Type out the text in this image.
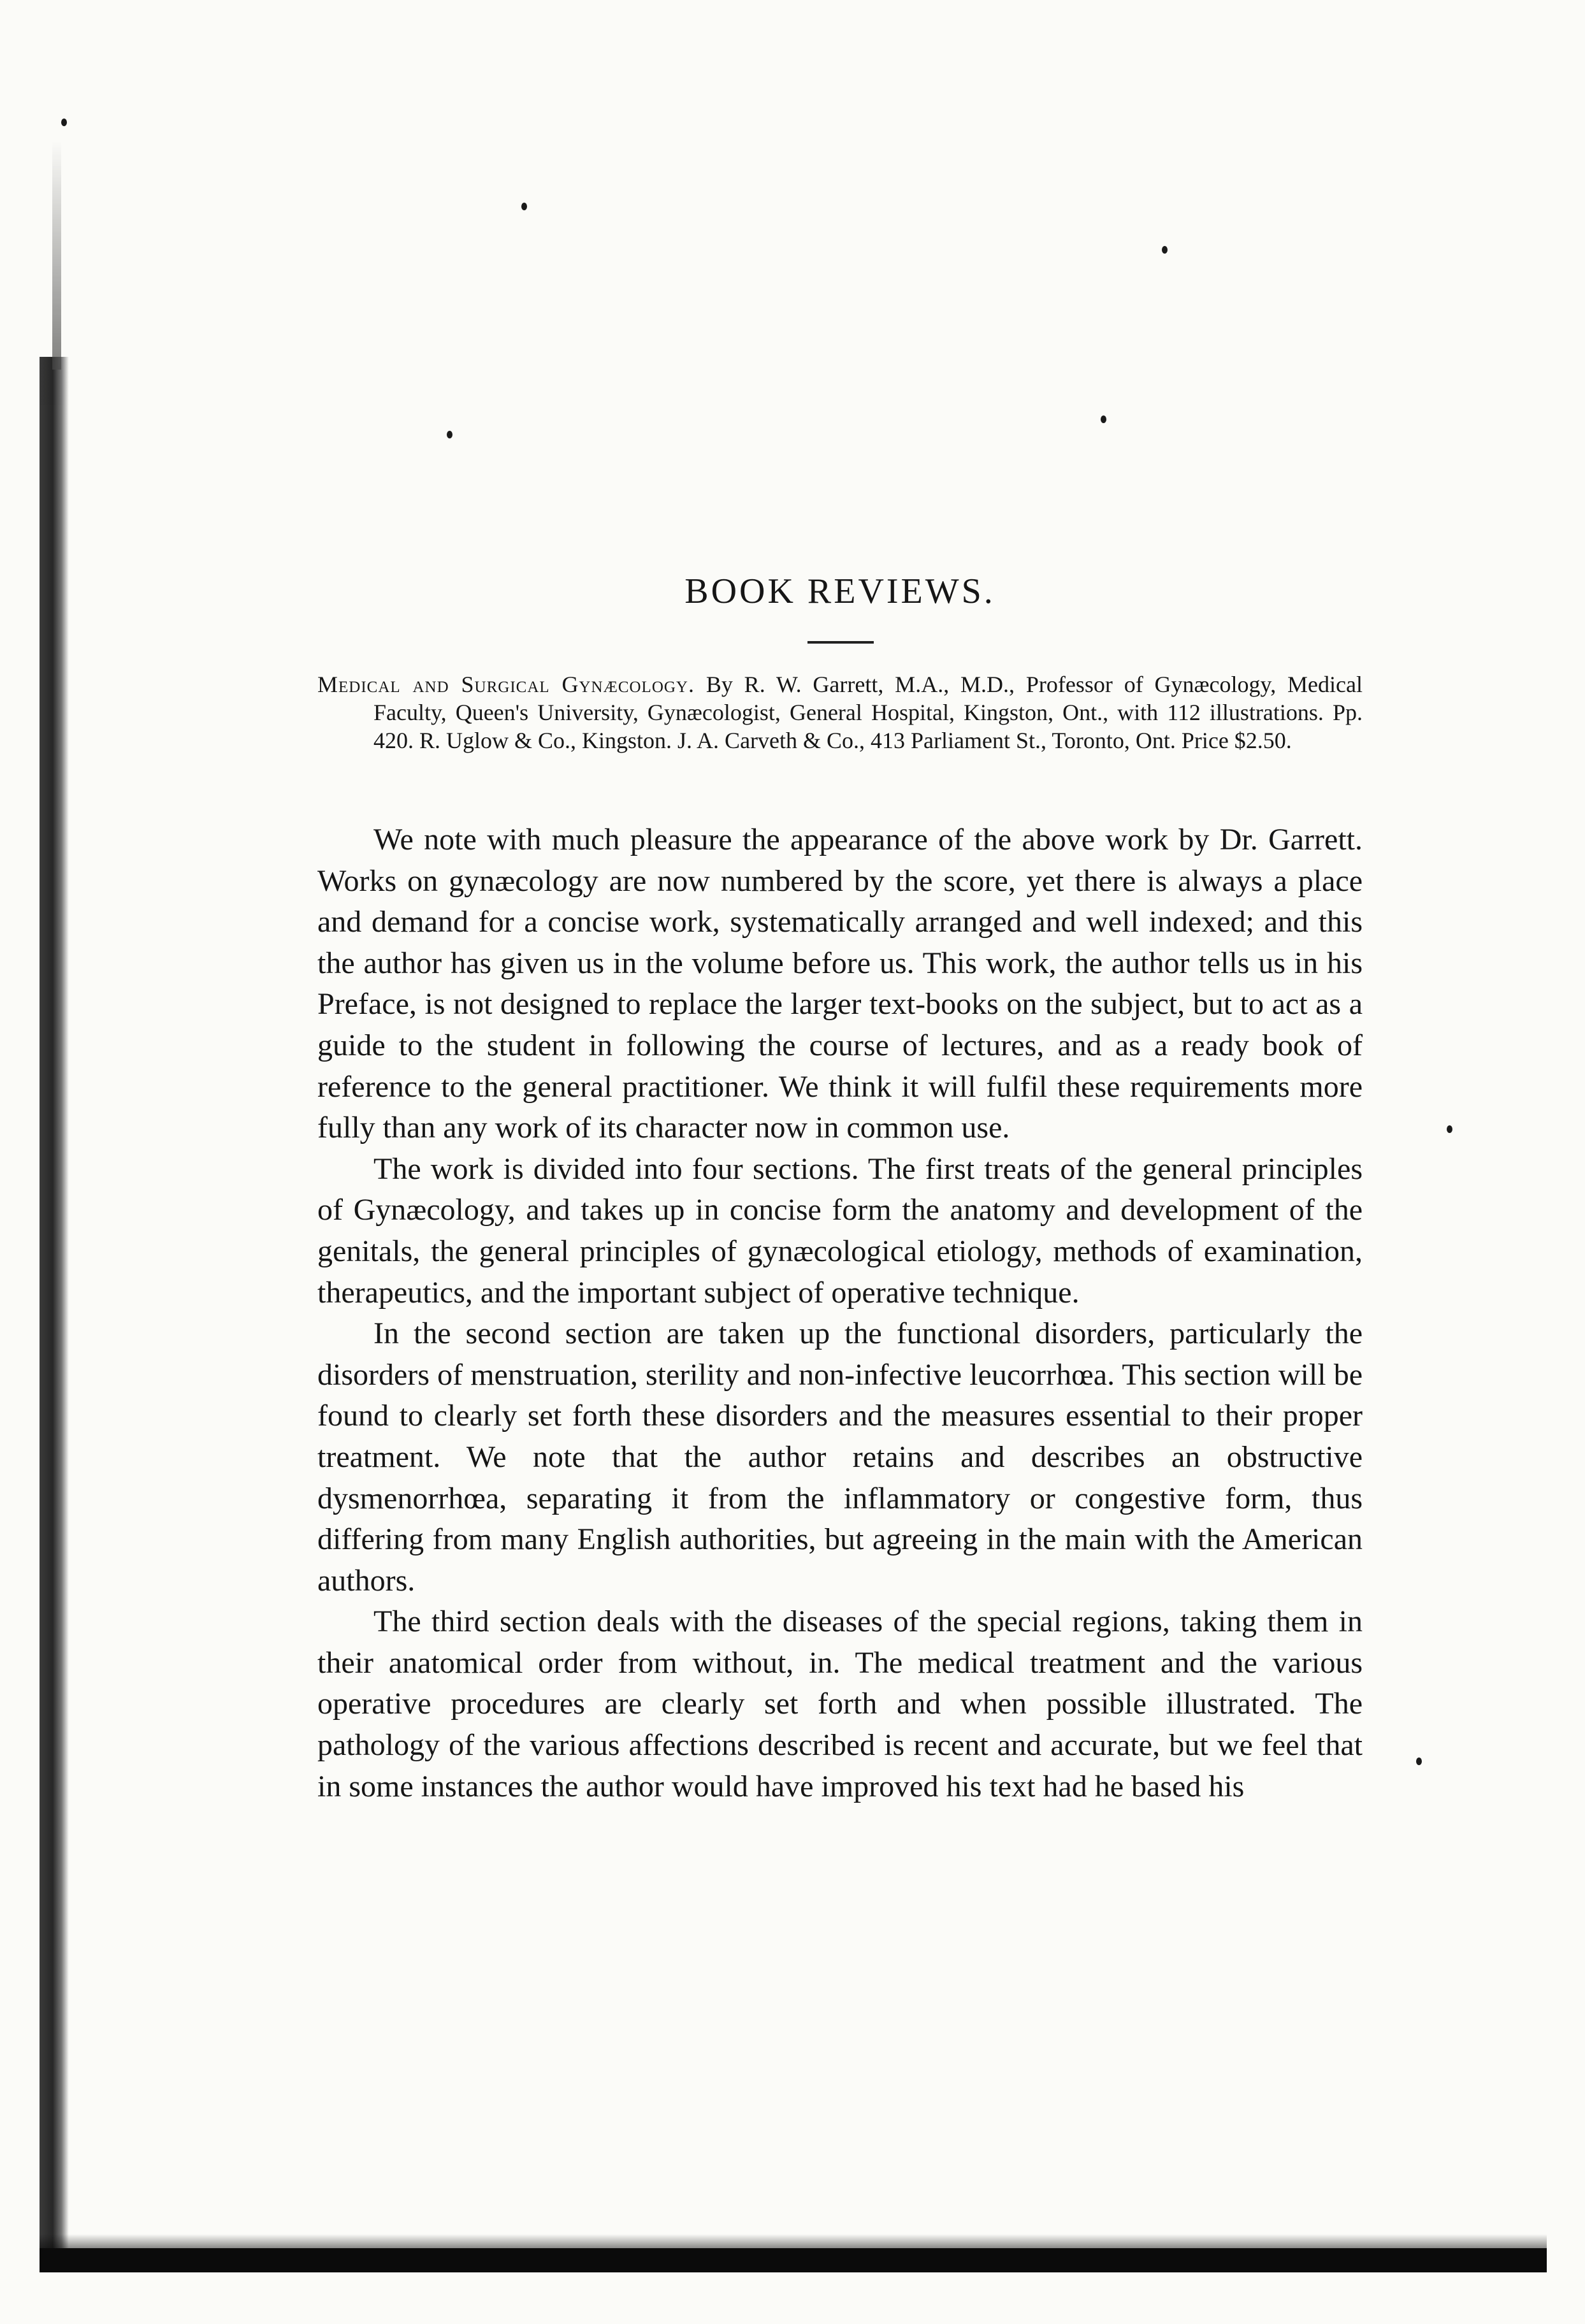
BOOK REVIEWS.
Medical and Surgical Gynæcology. By R. W. Garrett, M.A., M.D., Professor of Gynæcology, Medical Faculty, Queen's University, Gynæcologist, General Hospital, Kingston, Ont., with 112 illustrations. Pp. 420. R. Uglow & Co., Kingston. J. A. Carveth & Co., 413 Parliament St., Toronto, Ont. Price $2.50.

We note with much pleasure the appearance of the above work by Dr. Garrett. Works on gynæcology are now numbered by the score, yet there is always a place and demand for a concise work, systematically arranged and well indexed; and this the author has given us in the volume before us. This work, the author tells us in his Preface, is not designed to replace the larger text-books on the subject, but to act as a guide to the student in following the course of lectures, and as a ready book of reference to the general practitioner. We think it will fulfil these requirements more fully than any work of its character now in common use.

The work is divided into four sections. The first treats of the general principles of Gynæcology, and takes up in concise form the anatomy and development of the genitals, the general principles of gynæcological etiology, methods of examination, therapeutics, and the important subject of operative technique.

In the second section are taken up the functional disorders, particularly the disorders of menstruation, sterility and non-infective leucorrhœa. This section will be found to clearly set forth these disorders and the measures essential to their proper treatment. We note that the author retains and describes an obstructive dysmenorrhœa, separating it from the inflammatory or congestive form, thus differing from many English authorities, but agreeing in the main with the American authors.

The third section deals with the diseases of the special regions, taking them in their anatomical order from without, in. The medical treatment and the various operative procedures are clearly set forth and when possible illustrated. The pathology of the various affections described is recent and accurate, but we feel that in some instances the author would have improved his text had he based his
